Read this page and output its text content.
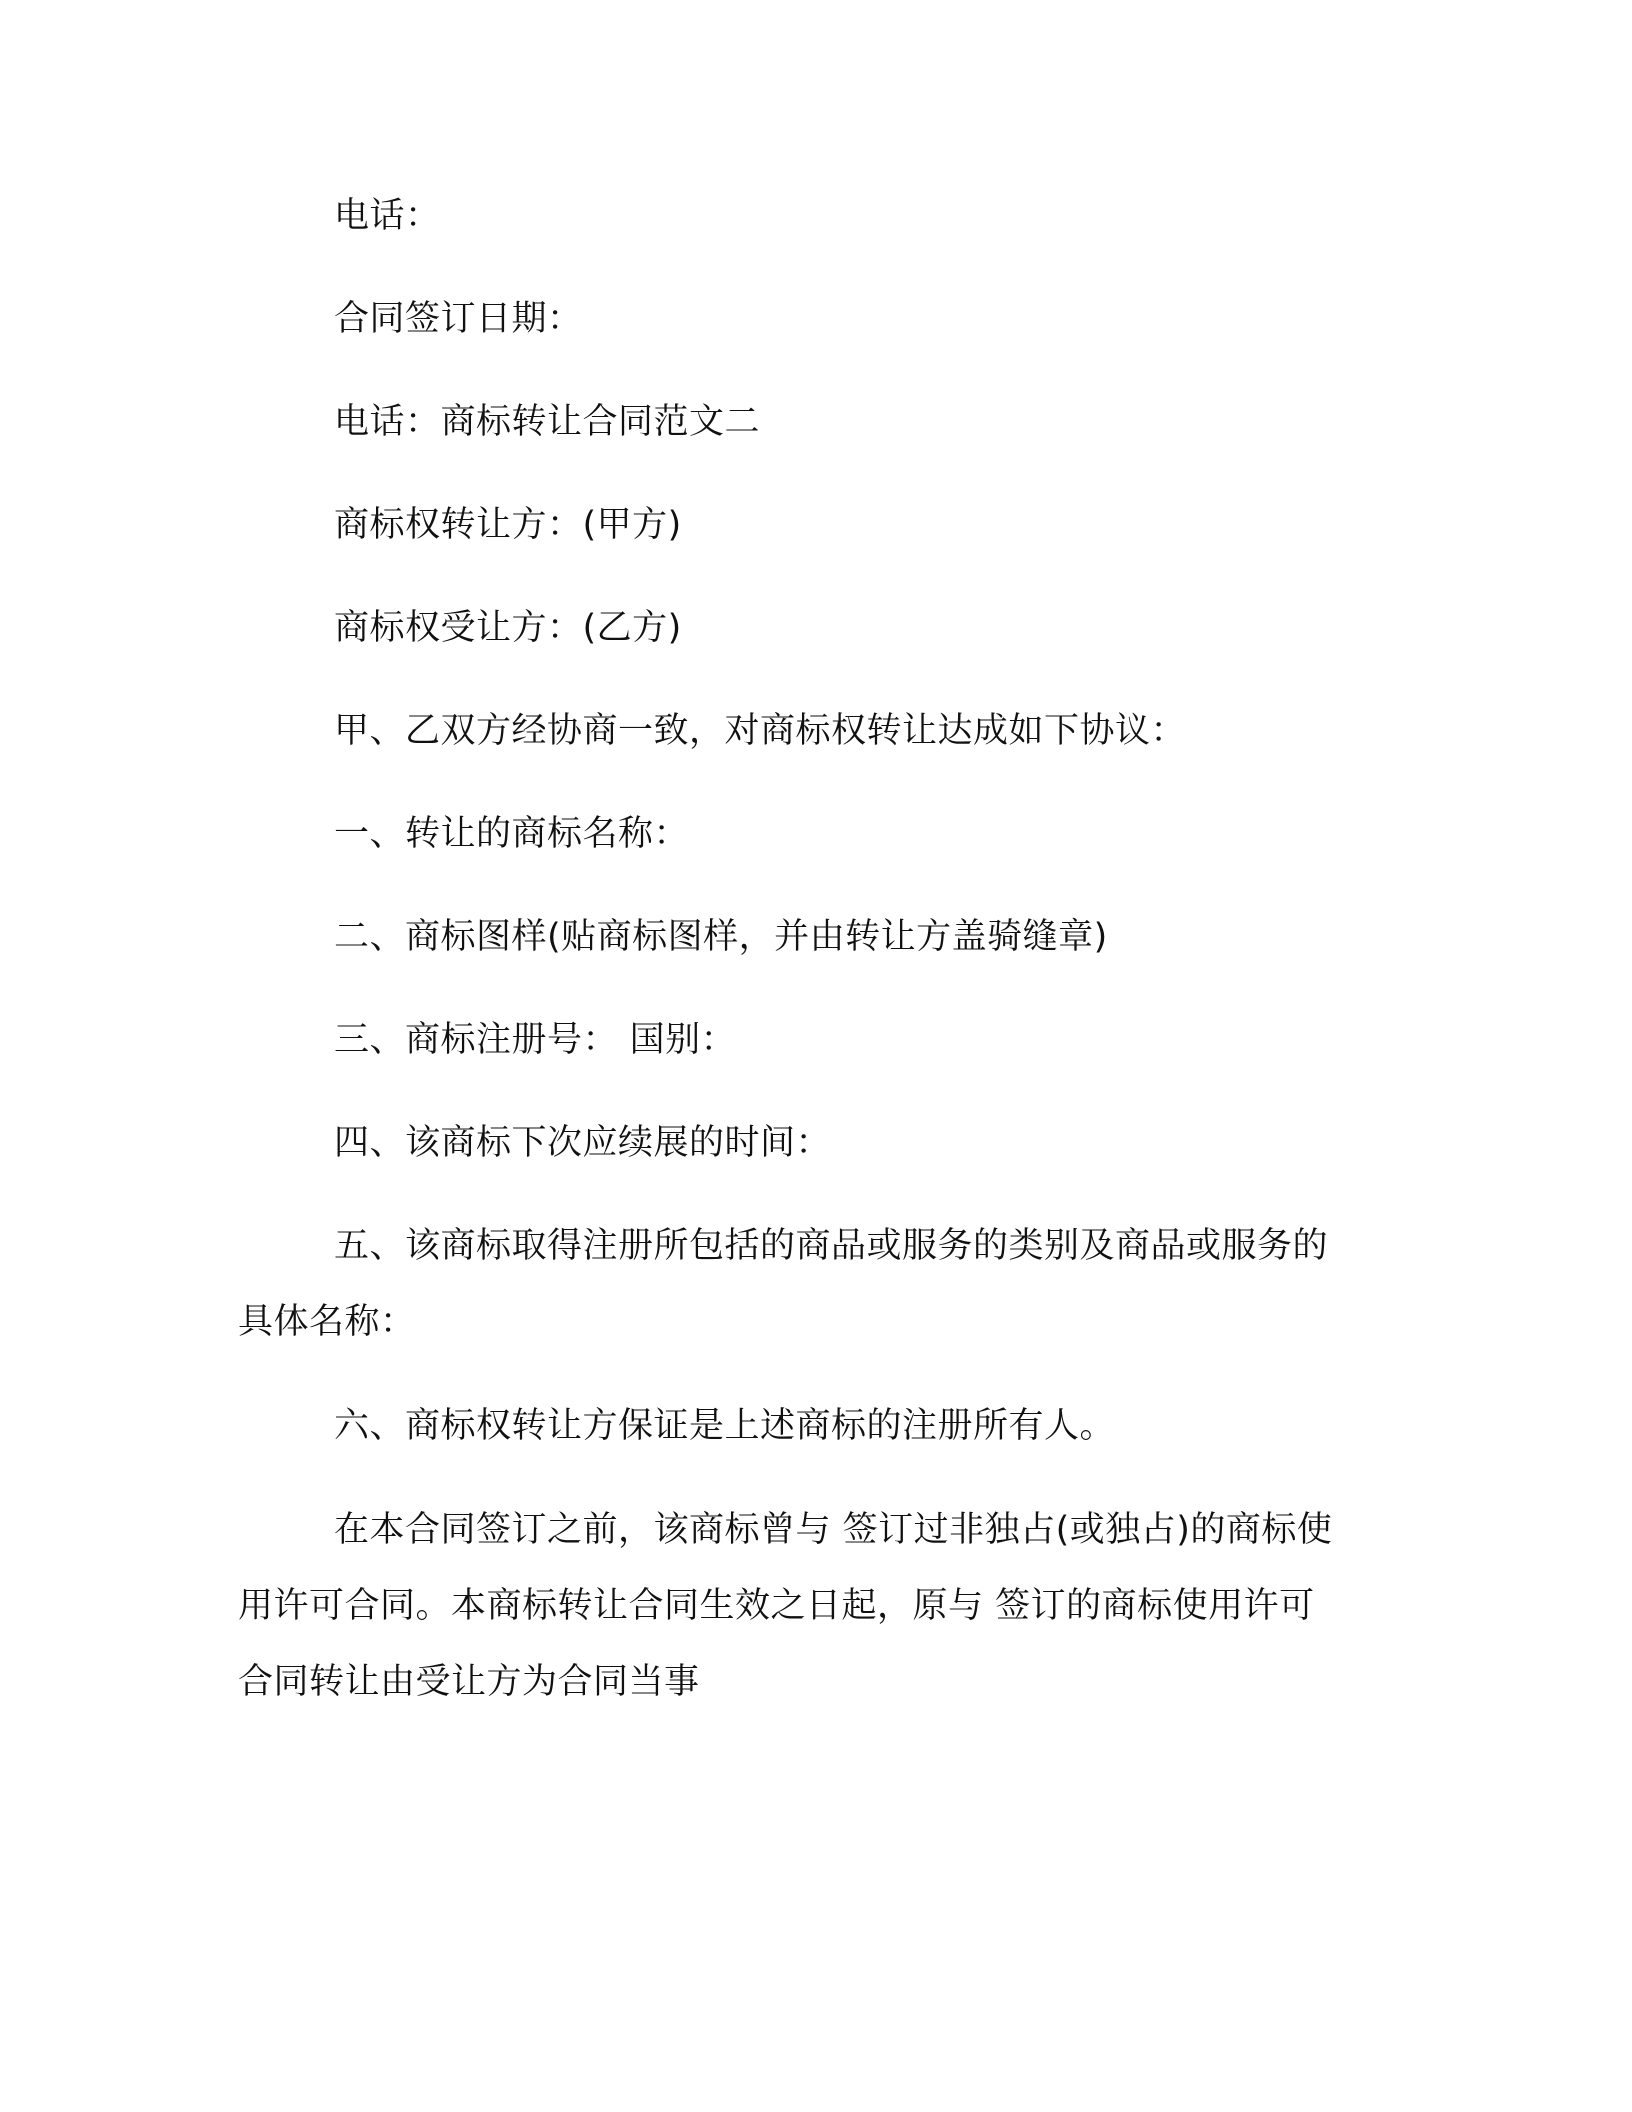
电话：

合同签订日期：

电话：商标转让合同范文二

商标权转让方：(甲方)

商标权受让方：(乙方)

甲、乙双方经协商一致，对商标权转让达成如下协议：

一、转让的商标名称：

二、商标图样(贴商标图样，并由转让方盖骑缝章)

三、商标注册号： 国别：

四、该商标下次应续展的时间：

五、该商标取得注册所包括的商品或服务的类别及商品或服务的

具体名称：

六、商标权转让方保证是上述商标的注册所有人。

在本合同签订之前，该商标曾与 签订过非独占(或独占)的商标使

用许可合同。本商标转让合同生效之日起，原与 签订的商标使用许可

合同转让由受让方为合同当事
